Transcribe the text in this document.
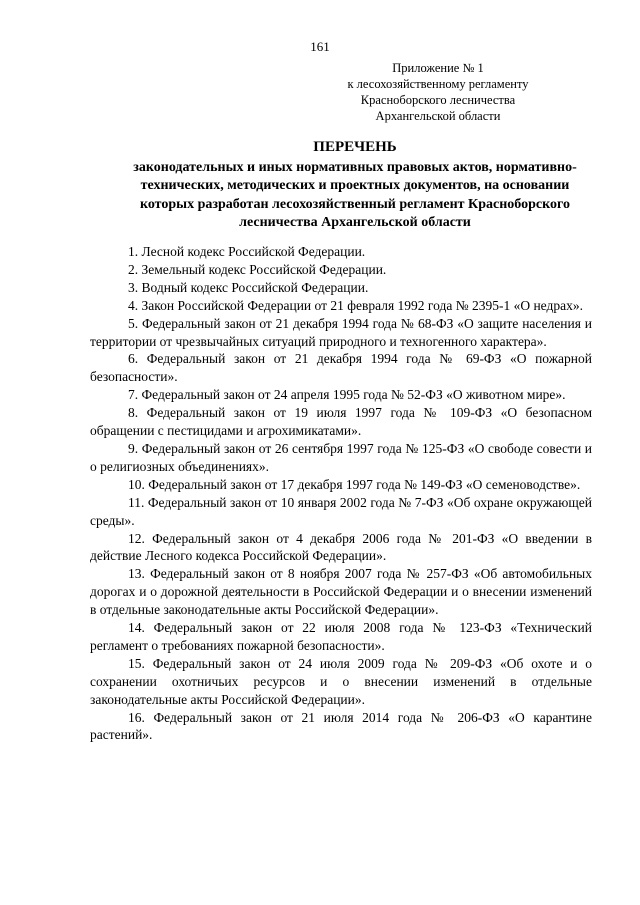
161
Приложение № 1
к лесохозяйственному регламенту
Красноборского лесничества
Архангельской области
ПЕРЕЧЕНЬ
законодательных и иных нормативных правовых актов, нормативно-технических, методических и проектных документов, на основании которых разработан лесохозяйственный регламент Красноборского лесничества Архангельской области
1. Лесной кодекс Российской Федерации.
2. Земельный кодекс Российской Федерации.
3. Водный кодекс Российской Федерации.
4. Закон Российской Федерации от 21 февраля 1992 года № 2395-1 «О недрах».
5. Федеральный закон от 21 декабря 1994 года № 68-ФЗ «О защите населения и территории от чрезвычайных ситуаций природного и техногенного характера».
6. Федеральный закон от 21 декабря 1994 года № 69-ФЗ «О пожарной безопасности».
7. Федеральный закон от 24 апреля 1995 года № 52-ФЗ «О животном мире».
8. Федеральный закон от 19 июля 1997 года № 109-ФЗ «О безопасном обращении с пестицидами и агрохимикатами».
9. Федеральный закон от 26 сентября 1997 года № 125-ФЗ «О свободе совести и о религиозных объединениях».
10. Федеральный закон от 17 декабря 1997 года № 149-ФЗ «О семеноводстве».
11. Федеральный закон от 10 января 2002 года № 7-ФЗ «Об охране окружающей среды».
12. Федеральный закон от 4 декабря 2006 года № 201-ФЗ «О введении в действие Лесного кодекса Российской Федерации».
13. Федеральный закон от 8 ноября 2007 года № 257-ФЗ «Об автомобильных дорогах и о дорожной деятельности в Российской Федерации и о внесении изменений в отдельные законодательные акты Российской Федерации».
14. Федеральный закон от 22 июля 2008 года № 123-ФЗ «Технический регламент о требованиях пожарной безопасности».
15. Федеральный закон от 24 июля 2009 года № 209-ФЗ «Об охоте и о сохранении охотничьих ресурсов и о внесении изменений в отдельные законодательные акты Российской Федерации».
16. Федеральный закон от 21 июля 2014 года № 206-ФЗ «О карантине растений».
